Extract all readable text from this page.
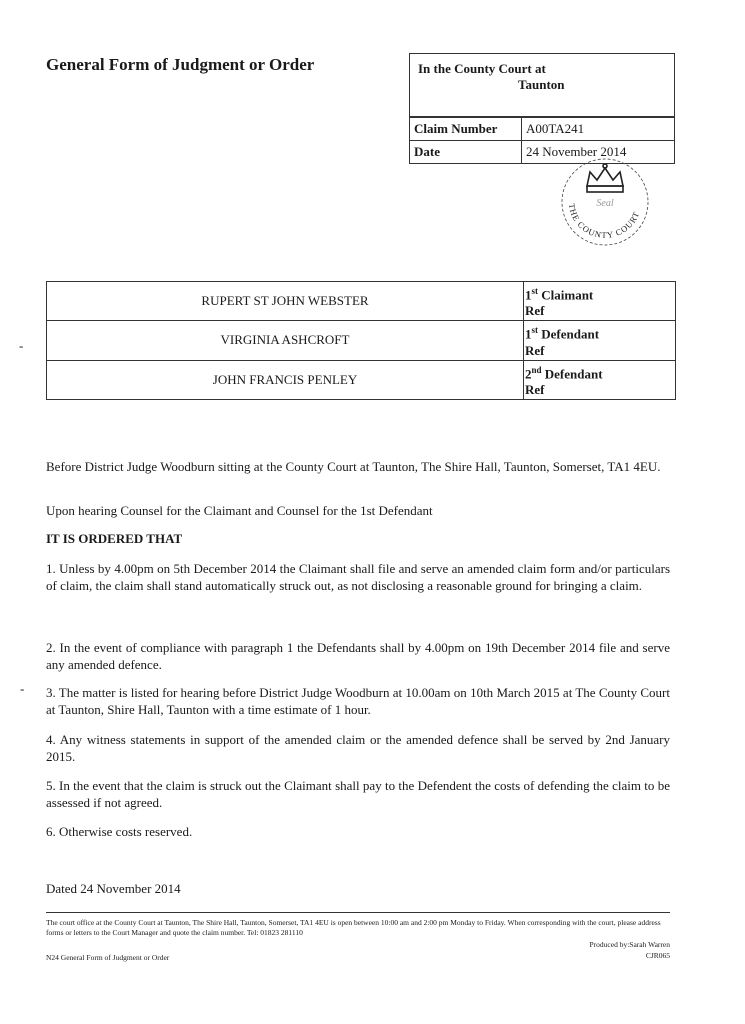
General Form of Judgment or Order	In the County Court at
Taunton
Claim Number	A00TA241
Date	24 November 2014
Seal
THE COUNTY COURT
RUPERT ST JOHN WEBSTER	1st Claimant
Ref
VIRGINIA ASHCROFT	1st Defendant
Ref
JOHN FRANCIS PENLEY	2nd Defendant
Ref
Before District Judge Woodburn sitting at the County Court at Taunton, The Shire Hall, Taunton, Somerset, TA1 4EU.
Upon hearing Counsel for the Claimant and Counsel for the 1st Defendant
IT IS ORDERED THAT
1. Unless by 4.00pm on 5th December 2014 the Claimant shall file and serve an amended claim form and/or particulars of claim, the claim shall stand automatically struck out, as not disclosing a reasonable ground for bringing a claim.
2. In the event of compliance with paragraph 1 the Defendants shall by 4.00pm on 19th December 2014 file and serve any amended defence.
3. The matter is listed for hearing before District Judge Woodburn at 10.00am on 10th March 2015 at The County Court at Taunton, Shire Hall, Taunton with a time estimate of 1 hour.
4. Any witness statements in support of the amended claim or the amended defence shall be served by 2nd January 2015.
5. In the event that the claim is struck out the Claimant shall pay to the Defendent the costs of defending the claim to be assessed if not agreed.
6. Otherwise costs reserved.
Dated 24 November 2014
The court office at the County Court at Taunton, The Shire Hall, Taunton, Somerset, TA1 4EU is open between 10:00 am and 2:00 pm Monday to Friday. When corresponding with the court, please address forms or letters to the Court Manager and quote the claim number. Tel: 01823 281110
Produced by:Sarah Warren
CJR065
N24 General Form of Judgment or Order
-
-
